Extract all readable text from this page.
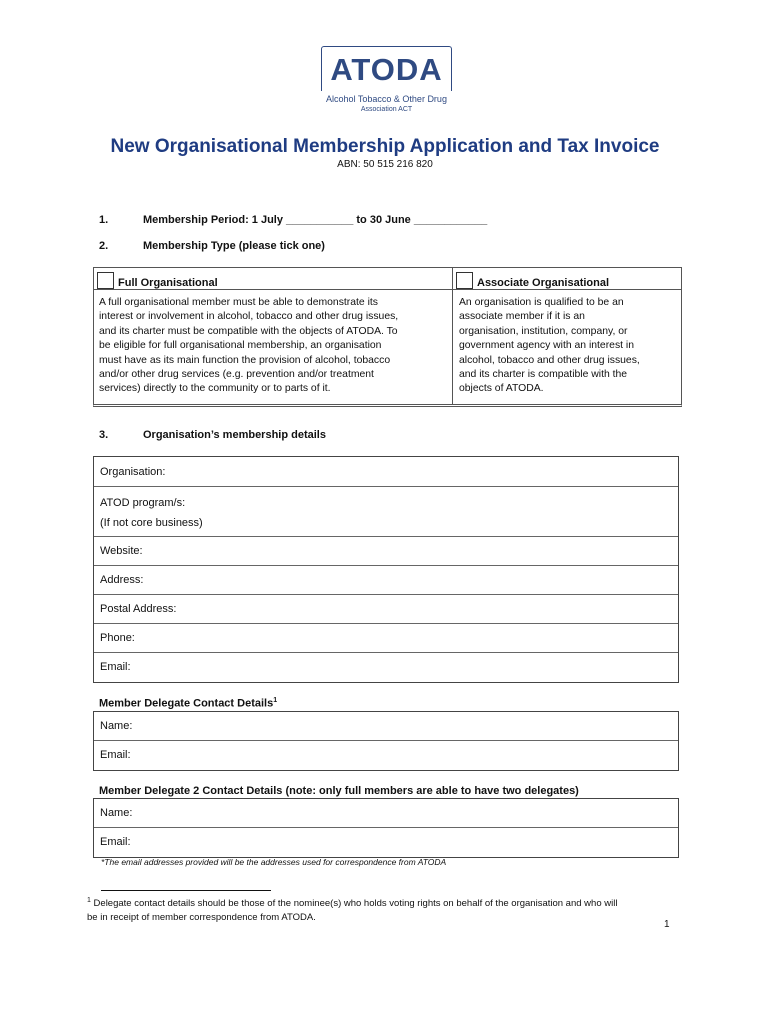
ATODA
Alcohol Tobacco & Other Drug
Association ACT
New Organisational Membership Application and Tax Invoice
ABN: 50 515 216 820
1.	Membership Period: 1 July ___________ to 30 June ____________
2.	Membership Type (please tick one)
Full Organisational	Associate Organisational
A full organisational member must be able to demonstrate its
interest or involvement in alcohol, tobacco and other drug issues,
and its charter must be compatible with the objects of ATODA. To
be eligible for full organisational membership, an organisation
must have as its main function the provision of alcohol, tobacco
and/or other drug services (e.g. prevention and/or treatment
services) directly to the community or to parts of it.
An organisation is qualified to be an
associate member if it is an
organisation, institution, company, or
government agency with an interest in
alcohol, tobacco and other drug issues,
and its charter is compatible with the
objects of ATODA.
3.	Organisation’s membership details
Organisation:
ATOD program/s:
(If not core business)
Website:
Address:
Postal Address:
Phone:
Email:
Member Delegate Contact Details$^1$
Name:
Email:
Member Delegate 2 Contact Details (note: only full members are able to have two delegates)
Name:
Email:
*The email addresses provided will be the addresses used for correspondence from ATODA
$^1$ Delegate contact details should be those of the nominee(s) who holds voting rights on behalf of the organisation and who will
be in receipt of member correspondence from ATODA.
1
